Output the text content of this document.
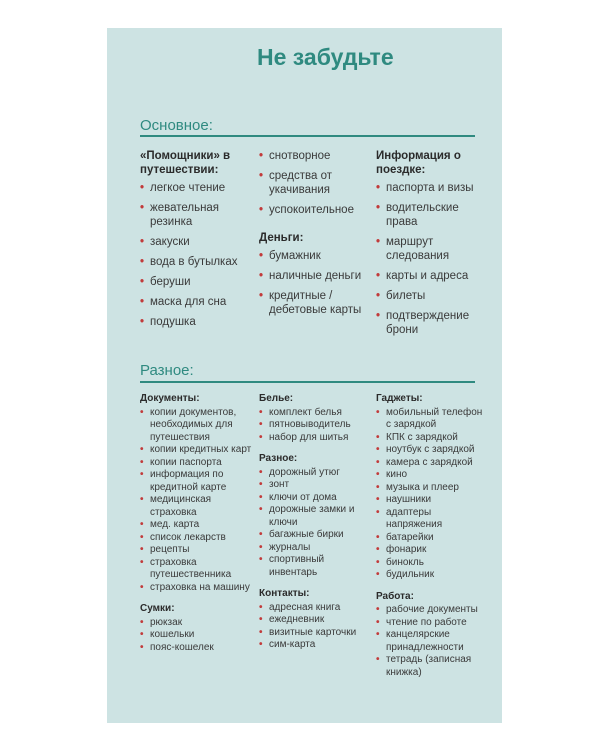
Не забудьте
Основное:
«Помощники» в путешествии:
• легкое чтение
• жевательная резинка
• закуски
• вода в бутылках
• беруши
• маска для сна
• подушка
• снотворное
• средства от укачивания
• успокоительное
Деньги:
• бумажник
• наличные деньги
• кредитные / дебетовые карты
Информация о поездке:
• паспорта и визы
• водительские права
• маршрут следования
• карты и адреса
• билеты
• подтверждение брони
Разное:
Документы:
• копии документов, необходимых для путешествия
• копии кредитных карт
• копии паспорта
• информация по кредитной карте
• медицинская страховка
• мед. карта
• список лекарств
• рецепты
• страховка путешественника
• страховка на машину
Сумки:
• рюкзак
• кошельки
• пояс-кошелек
Белье:
• комплект белья
• пятновыводитель
• набор для шитья
Разное:
• дорожный утюг
• зонт
• ключи от дома
• дорожные замки и ключи
• багажные бирки
• журналы
• спортивный инвентарь
Контакты:
• адресная книга
• ежедневник
• визитные карточки
• сим-карта
Гаджеты:
• мобильный телефон с зарядкой
• КПК с зарядкой
• ноутбук с зарядкой
• камера с зарядкой
• кино
• музыка и плеер
• наушники
• адаптеры напряжения
• батарейки
• фонарик
• бинокль
• будильник
Работа:
• рабочие документы
• чтение по работе
• канцелярские принадлежности
• тетрадь (записная книжка)
